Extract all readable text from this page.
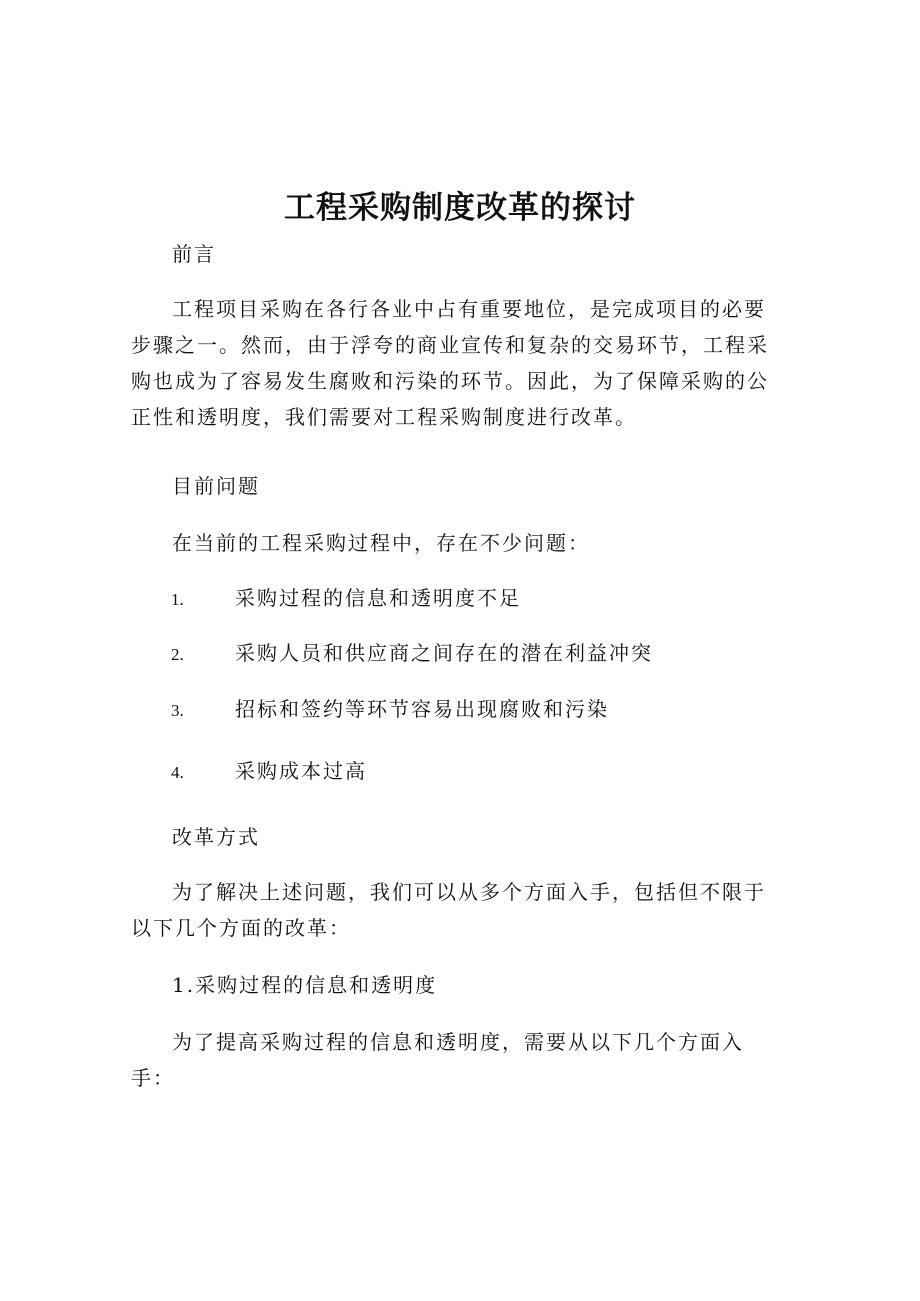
工程采购制度改革的探讨
前言
工程项目采购在各行各业中占有重要地位，是完成项目的必要步骤之一。然而，由于浮夸的商业宣传和复杂的交易环节，工程采购也成为了容易发生腐败和污染的环节。因此，为了保障采购的公正性和透明度，我们需要对工程采购制度进行改革。
目前问题
在当前的工程采购过程中，存在不少问题：
1.	采购过程的信息和透明度不足
2.	采购人员和供应商之间存在的潜在利益冲突
3.	招标和签约等环节容易出现腐败和污染
4.	采购成本过高
改革方式
为了解决上述问题，我们可以从多个方面入手，包括但不限于以下几个方面的改革：
1.采购过程的信息和透明度
为了提高采购过程的信息和透明度，需要从以下几个方面入手：
